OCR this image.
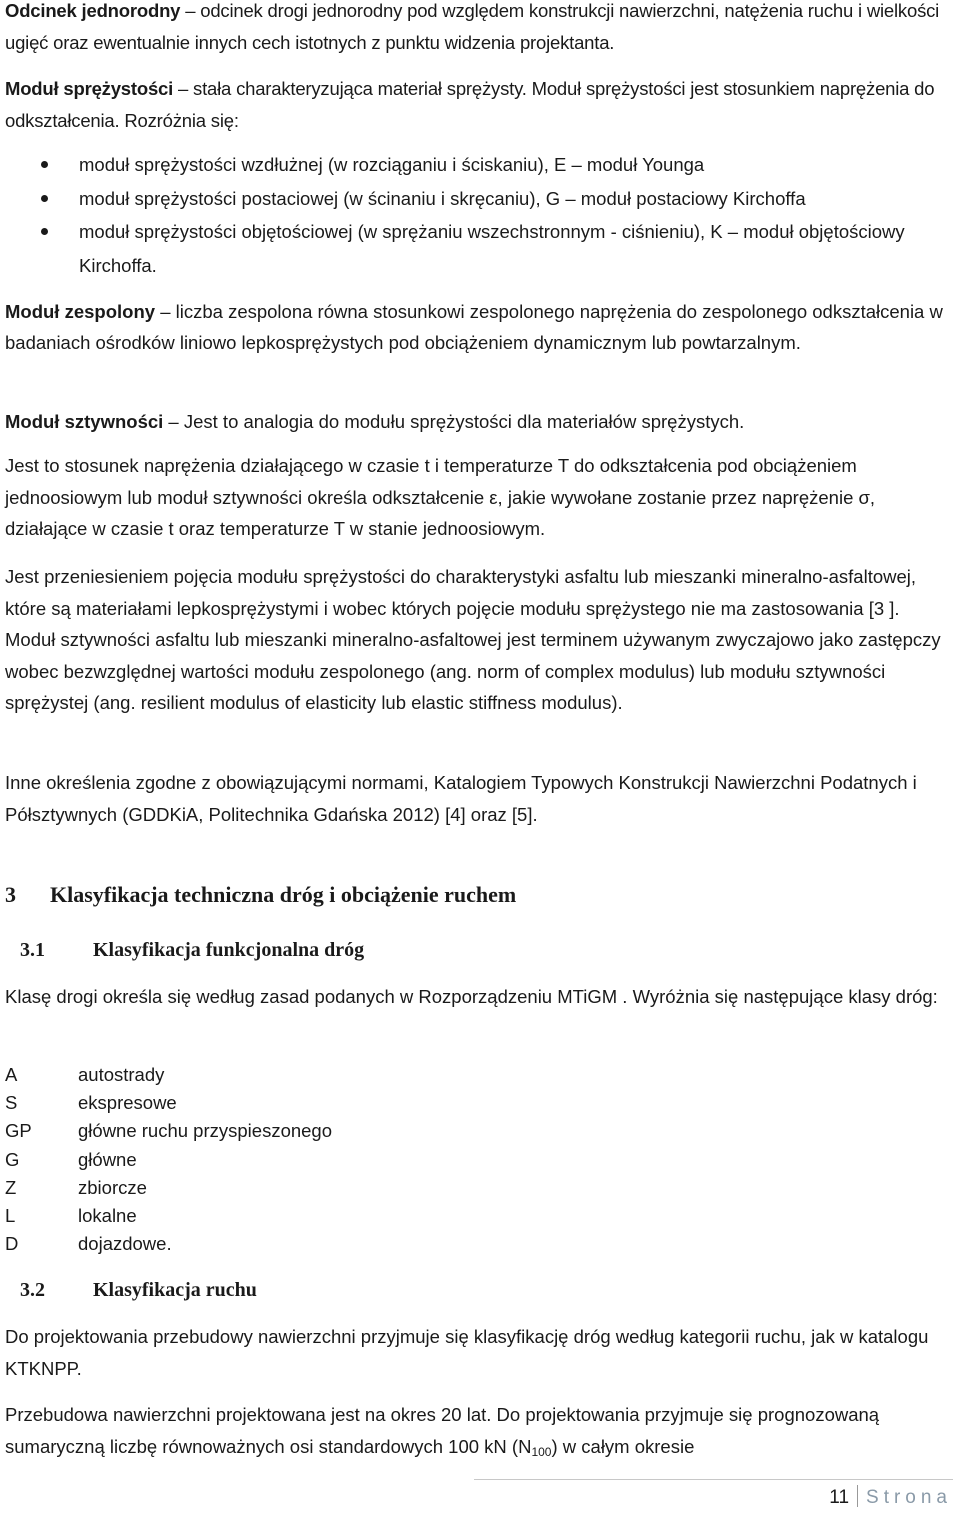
Odcinek jednorodny – odcinek drogi jednorodny pod względem konstrukcji nawierzchni, natężenia ruchu i wielkości ugięć oraz ewentualnie innych cech istotnych z punktu widzenia projektanta.

Moduł sprężystości – stała charakteryzująca materiał sprężysty. Moduł sprężystości jest stosunkiem naprężenia do odkształcenia. Rozróżnia się:

moduł sprężystości wzdłużnej (w rozciąganiu i ściskaniu), E – moduł Younga
moduł sprężystości postaciowej (w ścinaniu i skręcaniu), G – moduł postaciowy Kirchoffa
moduł sprężystości objętościowej (w sprężaniu wszechstronnym - ciśnieniu), K – moduł objętościowy Kirchoffa.

Moduł zespolony – liczba zespolona równa stosunkowi zespolonego naprężenia do zespolonego odkształcenia w badaniach ośrodków liniowo lepkosprężystych pod obciążeniem dynamicznym lub powtarzalnym.

Moduł sztywności – Jest to analogia do modułu sprężystości dla materiałów sprężystych.

Jest to stosunek naprężenia działającego w czasie t i temperaturze T do odkształcenia pod obciążeniem jednoosiowym lub moduł sztywności określa odkształcenie ε, jakie wywołane zostanie przez naprężenie σ, działające w czasie t oraz temperaturze T w stanie jednoosiowym.

Jest przeniesieniem pojęcia modułu sprężystości do charakterystyki asfaltu lub mieszanki mineralno-asfaltowej, które są materiałami lepkosprężystymi i wobec których pojęcie modułu sprężystego nie ma zastosowania [3 ]. Moduł sztywności asfaltu lub mieszanki mineralno-asfaltowej jest terminem używanym zwyczajowo jako zastępczy wobec bezwzględnej wartości modułu zespolonego (ang. norm of complex modulus) lub modułu sztywności sprężystej (ang. resilient modulus of elasticity lub elastic stiffness modulus).

Inne określenia zgodne z obowiązującymi normami, Katalogiem Typowych Konstrukcji Nawierzchni Podatnych i Półsztywnych (GDDKiA, Politechnika Gdańska 2012) [4] oraz [5].

3 Klasyfikacja techniczna dróg i obciążenie ruchem
3.1 Klasyfikacja funkcjonalna dróg

Klasę drogi określa się według zasad podanych w Rozporządzeniu MTiGM . Wyróżnia się następujące klasy dróg:

A	autostrady
S	ekspresowe
GP	główne ruchu przyspieszonego
G	główne
Z	zbiorcze
L	lokalne
D	dojazdowe.
3.2 Klasyfikacja ruchu

Do projektowania przebudowy nawierzchni przyjmuje się klasyfikację dróg według kategorii ruchu, jak w katalogu KTKNPP.

Przebudowa nawierzchni projektowana jest na okres 20 lat. Do projektowania przyjmuje się prognozowaną sumaryczną liczbę równoważnych osi standardowych 100 kN $(N_{100})$ w całym okresie

11 Strona
